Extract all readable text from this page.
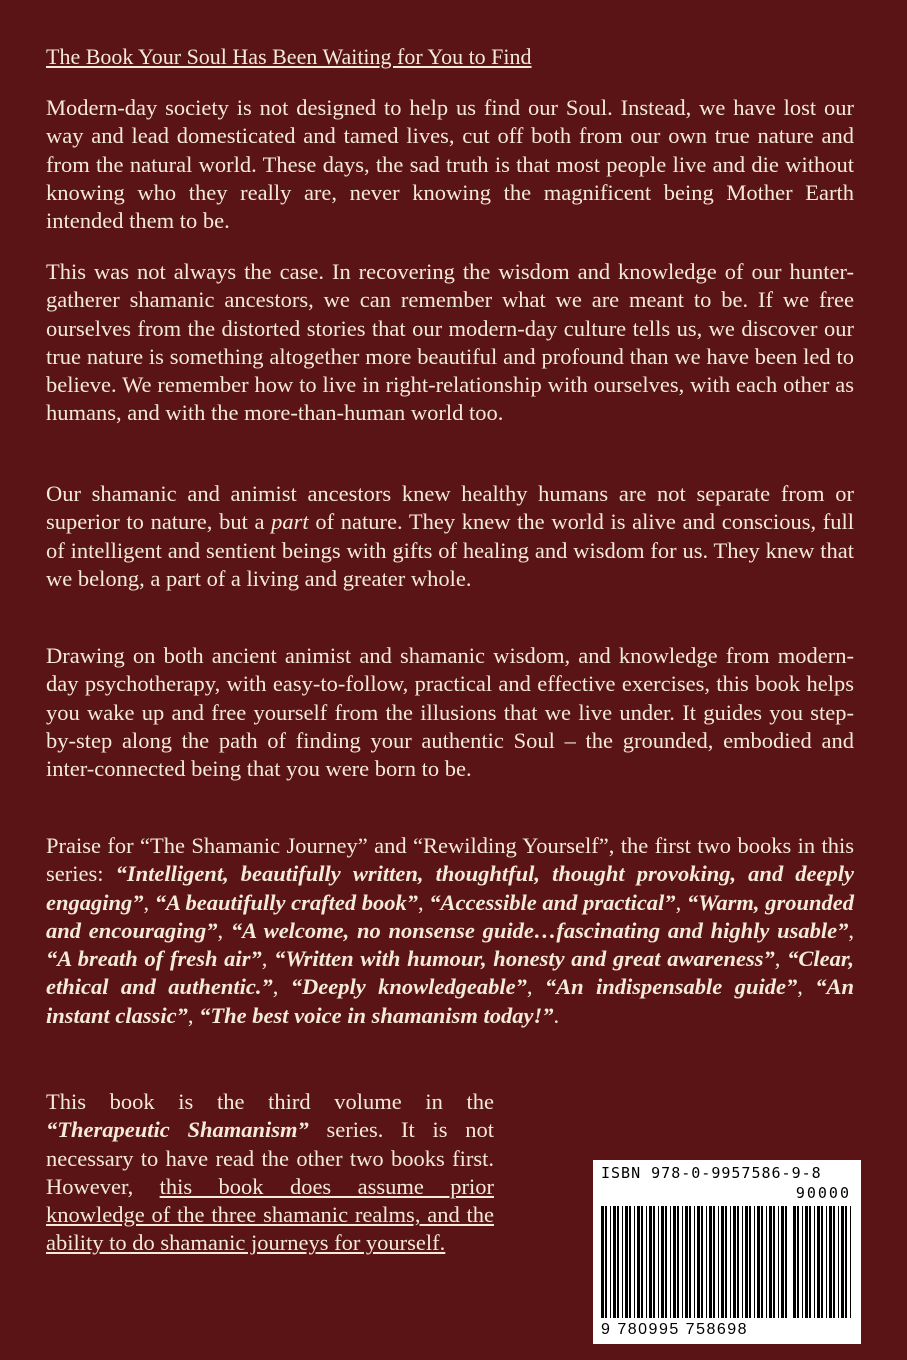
The Book Your Soul Has Been Waiting for You to Find

Modern-day society is not designed to help us find our Soul. Instead, we have lost our way and lead domesticated and tamed lives, cut off both from our own true nature and from the natural world. These days, the sad truth is that most people live and die without knowing who they really are, never knowing the magnificent being Mother Earth intended them to be.

This was not always the case. In recovering the wisdom and knowledge of our hunter-gatherer shamanic ancestors, we can remember what we are meant to be. If we free ourselves from the distorted stories that our modern-day culture tells us, we discover our true nature is something altogether more beautiful and profound than we have been led to believe. We remember how to live in right-relationship with ourselves, with each other as humans, and with the more-than-human world too.

Our shamanic and animist ancestors knew healthy humans are not separate from or superior to nature, but a part of nature. They knew the world is alive and conscious, full of intelligent and sentient beings with gifts of healing and wisdom for us. They knew that we belong, a part of a living and greater whole.

Drawing on both ancient animist and shamanic wisdom, and knowledge from modern-day psychotherapy, with easy-to-follow, practical and effective exercises, this book helps you wake up and free yourself from the illusions that we live under. It guides you step-by-step along the path of finding your authentic Soul – the grounded, embodied and inter-connected being that you were born to be.

Praise for “The Shamanic Journey” and “Rewilding Yourself”, the first two books in this series: “Intelligent, beautifully written, thoughtful, thought provoking, and deeply engaging”, “A beautifully crafted book”, “Accessible and practical”, “Warm, grounded and encouraging”, “A welcome, no nonsense guide…fascinating and highly usable”, “A breath of fresh air”, “Written with humour, honesty and great awareness”, “Clear, ethical and authentic.”, “Deeply knowledgeable”, “An indispensable guide”, “An instant classic”, “The best voice in shamanism today!”.

This book is the third volume in the “Therapeutic Shamanism” series. It is not necessary to have read the other two books first. However, this book does assume prior knowledge of the three shamanic realms, and the ability to do shamanic journeys for yourself.

ISBN 978-0-9957586-9-8
90000
9 780995 758698
